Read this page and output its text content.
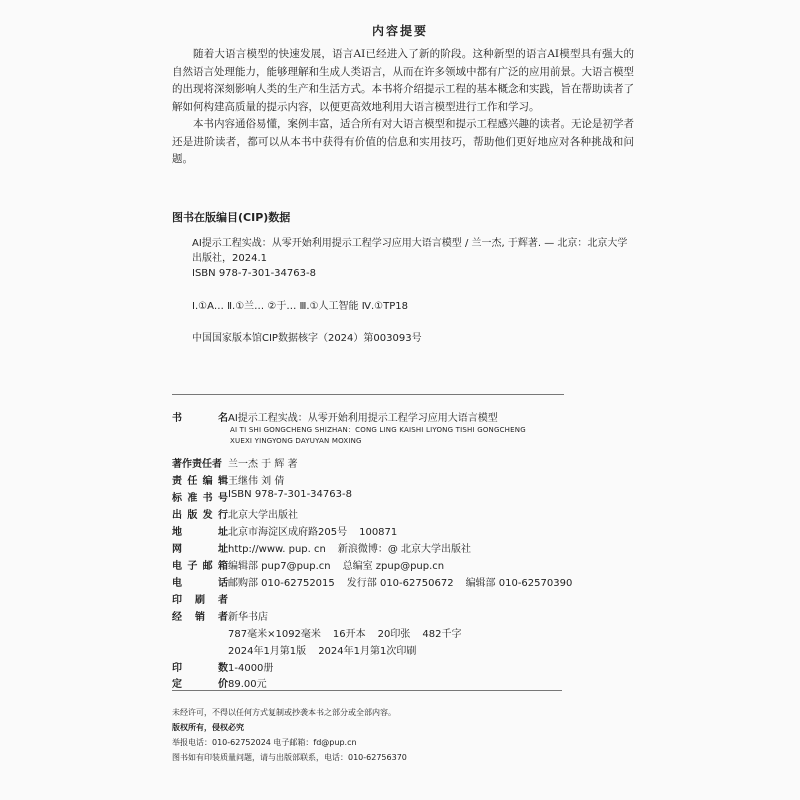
内容提要
随着大语言模型的快速发展，语言AI已经进入了新的阶段。这种新型的语言AI模型具有强大的自然语言处理能力，能够理解和生成人类语言，从而在许多领域中都有广泛的应用前景。大语言模型的出现将深刻影响人类的生产和生活方式。本书将介绍提示工程的基本概念和实践，旨在帮助读者了解如何构建高质量的提示内容，以便更高效地利用大语言模型进行工作和学习。
本书内容通俗易懂，案例丰富，适合所有对大语言模型和提示工程感兴趣的读者。无论是初学者还是进阶读者，都可以从本书中获得有价值的信息和实用技巧，帮助他们更好地应对各种挑战和问题。
图书在版编目(CIP)数据
AI提示工程实战：从零开始利用提示工程学习应用大语言模型 / 兰一杰, 于辉著. — 北京：北京大学出版社，2024.1
ISBN 978-7-301-34763-8
Ⅰ.①A… Ⅱ.①兰… ②于… Ⅲ.①人工智能 Ⅳ.①TP18
中国国家版本馆CIP数据核字（2024）第003093号
书	名 AI提示工程实战：从零开始利用提示工程学习应用大语言模型
AI TI SHI GONGCHENG SHIZHAN：CONG LING KAISHI LIYONG TISHI GONGCHENG XUEXI YINGYONG DAYUYAN MOXING
著作责任者 兰一杰 于 辉 著
责 任 编 辑 王继伟 刘 倩
标 准 书 号 ISBN 978-7-301-34763-8
出 版 发 行 北京大学出版社
地	址 北京市海淀区成府路205号 100871
网	址 http://www. pup. cn 新浪微博：@ 北京大学出版社
电 子 邮 箱 编辑部 pup7@pup.cn 总编室 zpup@pup.cn
电	话 邮购部 010-62752015 发行部 010-62750672 编辑部 010-62570390
印 刷 者
经 销 者 新华书店
787毫米×1092毫米 16开本 20印张 482千字
2024年1月第1版 2024年1月第1次印刷
印	数 1-4000册
定	价 89.00元
未经许可，不得以任何方式复制或抄袭本书之部分或全部内容。
版权所有，侵权必究
举报电话：010-62752024 电子邮箱：fd@pup.cn
图书如有印装质量问题，请与出版部联系，电话：010-62756370
